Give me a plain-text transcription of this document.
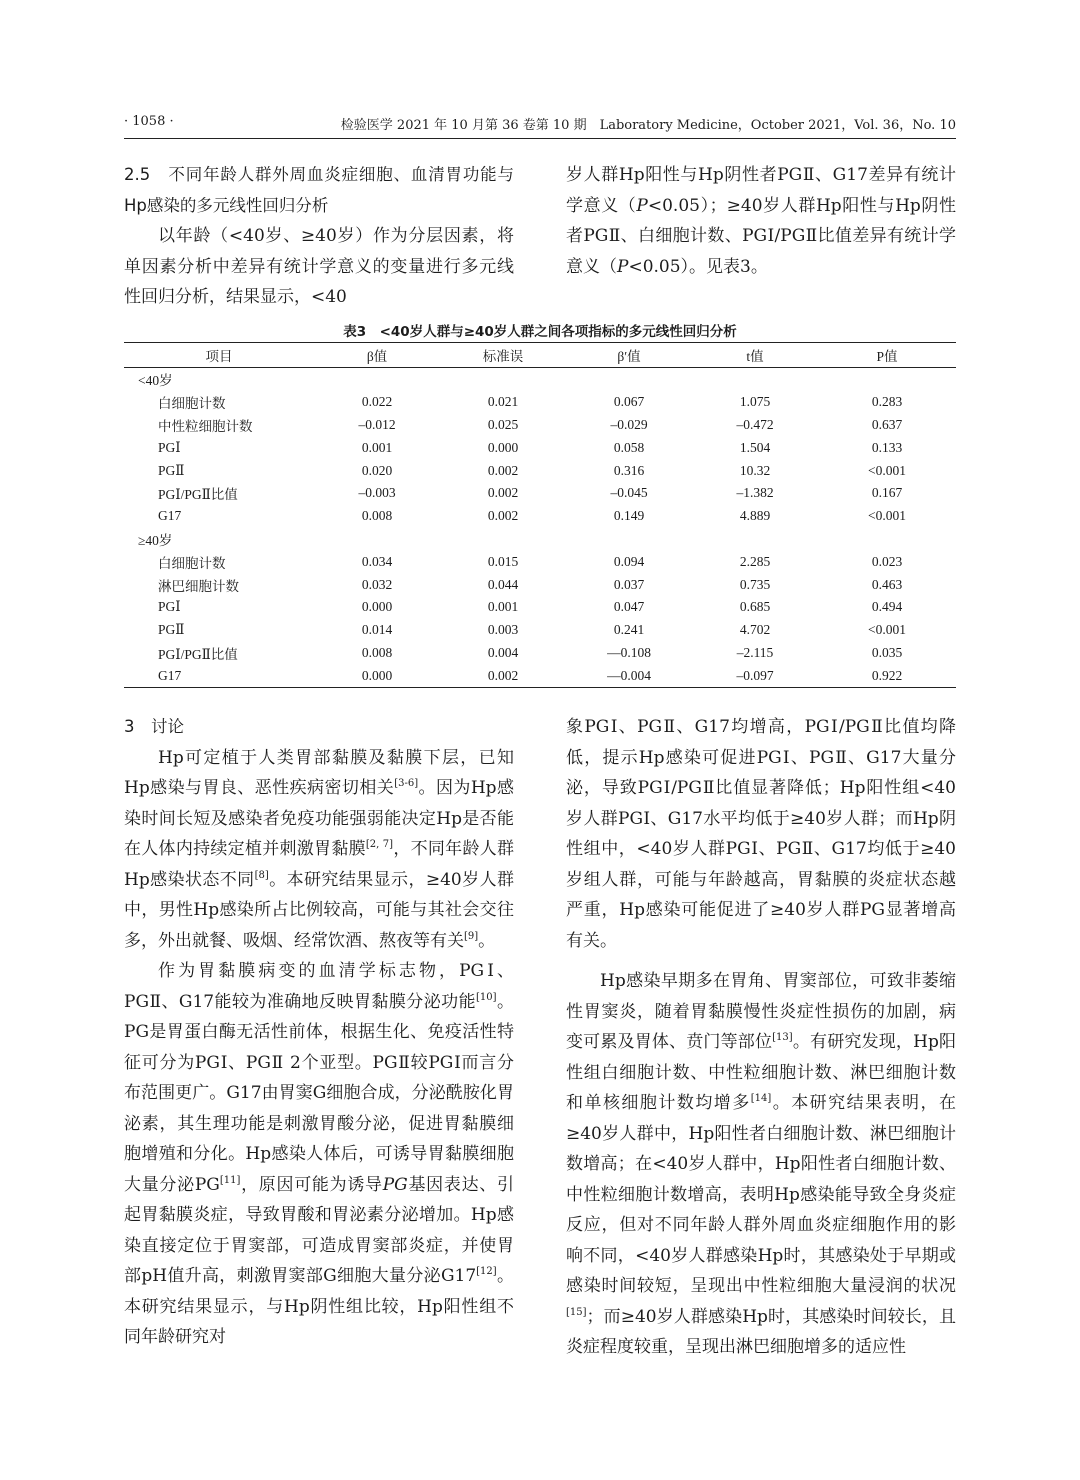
· 1058 ·	检验医学 2021 年 10 月第 36 卷第 10 期　Laboratory Medicine，October 2021，Vol. 36，No. 10

2.5　不同年龄人群外周血炎症细胞、血清胃功能与Hp感染的多元线性回归分析

以年龄（<40岁、≥40岁）作为分层因素，将单因素分析中差异有统计学意义的变量进行多元线性回归分析，结果显示，<40

岁人群Hp阳性与Hp阴性者PGⅡ、G17差异有统计学意义（P<0.05）；≥40岁人群Hp阳性与Hp阴性者PGⅡ、白细胞计数、PGⅠ/PGⅡ比值差异有统计学意义（P<0.05）。见表3。

表3　<40岁人群与≥40岁人群之间各项指标的多元线性回归分析
项目	β值	标准误	β′值	t值	P值
<40岁					
白细胞计数	0.022	0.021	0.067	1.075	0.283
中性粒细胞计数	–0.012	0.025	–0.029	–0.472	0.637
PGⅠ	0.001	0.000	0.058	1.504	0.133
PGⅡ	0.020	0.002	0.316	10.32	<0.001
PGⅠ/PGⅡ比值	–0.003	0.002	–0.045	–1.382	0.167
G17	0.008	0.002	0.149	4.889	<0.001
≥40岁					
白细胞计数	0.034	0.015	0.094	2.285	0.023
淋巴细胞计数	0.032	0.044	0.037	0.735	0.463
PGⅠ	0.000	0.001	0.047	0.685	0.494
PGⅡ	0.014	0.003	0.241	4.702	<0.001
PGⅠ/PGⅡ比值	0.008	0.004	—0.108	–2.115	0.035
G17	0.000	0.002	—0.004	–0.097	0.922

3　讨论

Hp可定植于人类胃部黏膜及黏膜下层，已知Hp感染与胃良、恶性疾病密切相关[3-6]。因为Hp感染时间长短及感染者免疫功能强弱能决定Hp是否能在人体内持续定植并刺激胃黏膜[2, 7]，不同年龄人群Hp感染状态不同[8]。本研究结果显示，≥40岁人群中，男性Hp感染所占比例较高，可能与其社会交往多，外出就餐、吸烟、经常饮酒、熬夜等有关[9]。

作为胃黏膜病变的血清学标志物，PGⅠ、PGⅡ、G17能较为准确地反映胃黏膜分泌功能[10]。PG是胃蛋白酶无活性前体，根据生化、免疫活性特征可分为PGⅠ、PGⅡ 2个亚型。PGⅡ较PGⅠ而言分布范围更广。G17由胃窦G细胞合成，分泌酰胺化胃泌素，其生理功能是刺激胃酸分泌，促进胃黏膜细胞增殖和分化。Hp感染人体后，可诱导胃黏膜细胞大量分泌PG[11]，原因可能为诱导PG基因表达、引起胃黏膜炎症，导致胃酸和胃泌素分泌增加。Hp感染直接定位于胃窦部，可造成胃窦部炎症，并使胃部pH值升高，刺激胃窦部G细胞大量分泌G17[12]。本研究结果显示，与Hp阴性组比较，Hp阳性组不同年龄研究对

象PGⅠ、PGⅡ、G17均增高，PGⅠ/PGⅡ比值均降低，提示Hp感染可促进PGⅠ、PGⅡ、G17大量分泌，导致PGⅠ/PGⅡ比值显著降低；Hp阳性组<40岁人群PGⅠ、G17水平均低于≥40岁人群；而Hp阴性组中，<40岁人群PGⅠ、PGⅡ、G17均低于≥40岁组人群，可能与年龄越高，胃黏膜的炎症状态越严重，Hp感染可能促进了≥40岁人群PG显著增高有关。

Hp感染早期多在胃角、胃窦部位，可致非萎缩性胃窦炎，随着胃黏膜慢性炎症性损伤的加剧，病变可累及胃体、贲门等部位[13]。有研究发现，Hp阳性组白细胞计数、中性粒细胞计数、淋巴细胞计数和单核细胞计数均增多[14]。本研究结果表明，在≥40岁人群中，Hp阳性者白细胞计数、淋巴细胞计数增高；在<40岁人群中，Hp阳性者白细胞计数、中性粒细胞计数增高，表明Hp感染能导致全身炎症反应，但对不同年龄人群外周血炎症细胞作用的影响不同，<40岁人群感染Hp时，其感染处于早期或感染时间较短，呈现出中性粒细胞大量浸润的状况[15]；而≥40岁人群感染Hp时，其感染时间较长，且炎症程度较重，呈现出淋巴细胞增多的适应性
